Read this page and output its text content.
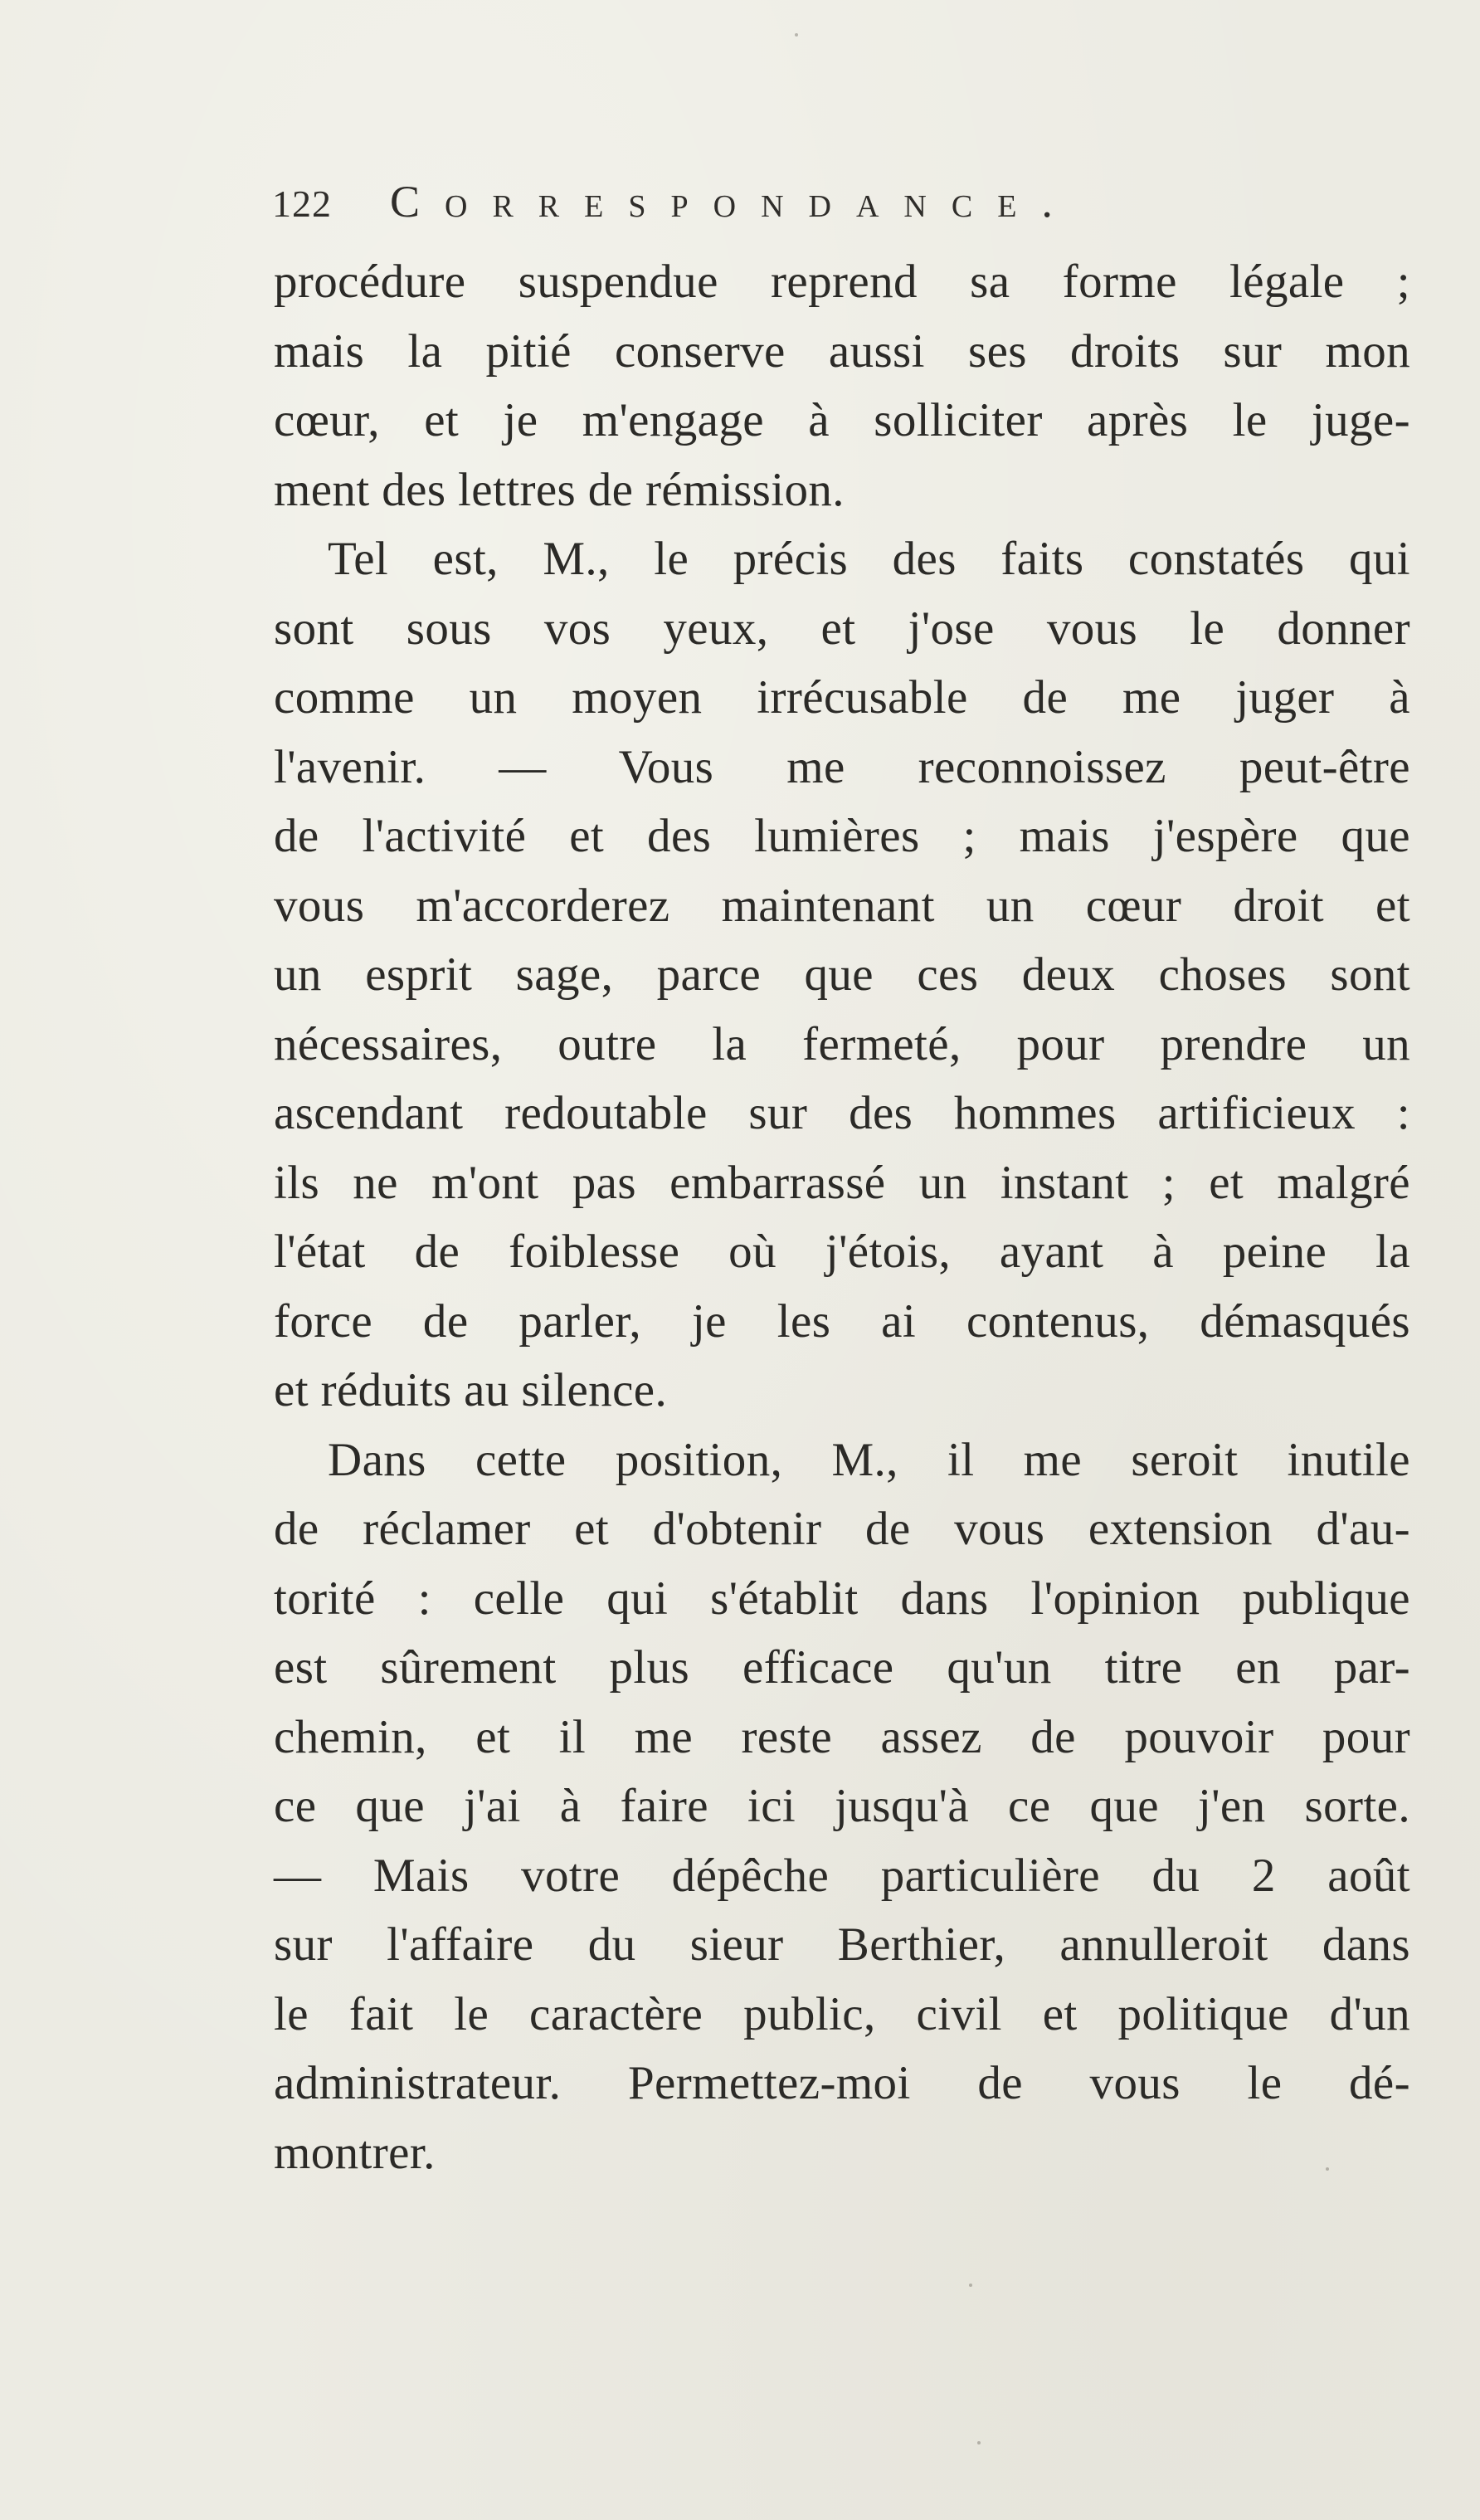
122 Correspondance.
procédure suspendue reprend sa forme légale ;
mais la pitié conserve aussi ses droits sur mon
cœur, et je m'engage à solliciter après le juge-
ment des lettres de rémission.
Tel est, M., le précis des faits constatés qui
sont sous vos yeux, et j'ose vous le donner
comme un moyen irrécusable de me juger à
l'avenir. — Vous me reconnoissez peut-être
de l'activité et des lumières ; mais j'espère que
vous m'accorderez maintenant un cœur droit et
un esprit sage, parce que ces deux choses sont
nécessaires, outre la fermeté, pour prendre un
ascendant redoutable sur des hommes artificieux :
ils ne m'ont pas embarrassé un instant ; et malgré
l'état de foiblesse où j'étois, ayant à peine la
force de parler, je les ai contenus, démasqués
et réduits au silence.
Dans cette position, M., il me seroit inutile
de réclamer et d'obtenir de vous extension d'au-
torité : celle qui s'établit dans l'opinion publique
est sûrement plus efficace qu'un titre en par-
chemin, et il me reste assez de pouvoir pour
ce que j'ai à faire ici jusqu'à ce que j'en sorte.
— Mais votre dépêche particulière du 2 août
sur l'affaire du sieur Berthier, annulleroit dans
le fait le caractère public, civil et politique d'un
administrateur. Permettez-moi de vous le dé-
montrer.
